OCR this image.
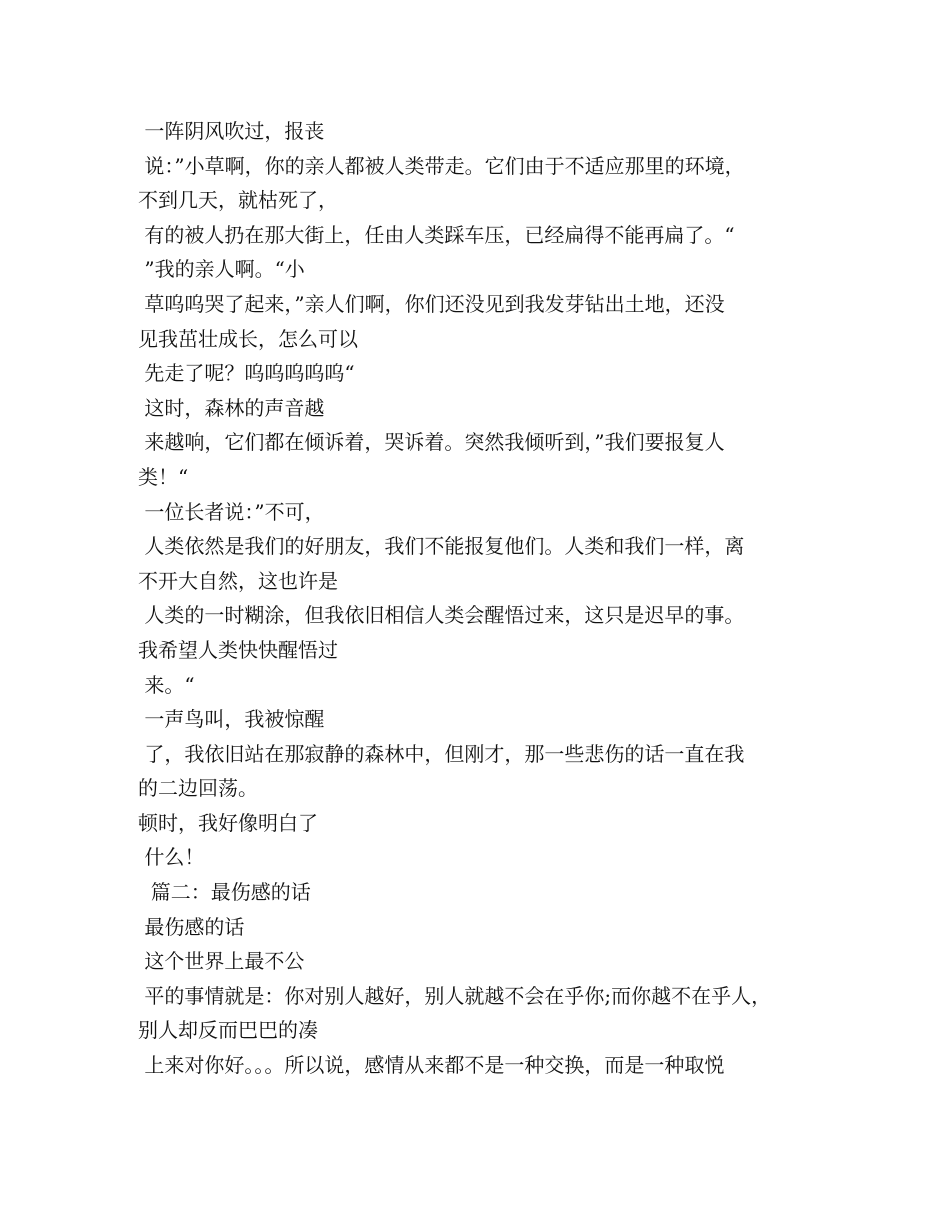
一阵阴风吹过，报丧
说：”小草啊，你的亲人都被人类带走。它们由于不适应那里的环境，
不到几天，就枯死了，
有的被人扔在那大街上，任由人类踩车压，已经扁得不能再扁了。“
”我的亲人啊。“小
草呜呜哭了起来，”亲人们啊，你们还没见到我发芽钻出土地，还没
见我茁壮成长，怎么可以
先走了呢？呜呜呜呜呜“
这时，森林的声音越
来越响，它们都在倾诉着，哭诉着。突然我倾听到，”我们要报复人
类！“
一位长者说：”不可，
人类依然是我们的好朋友，我们不能报复他们。人类和我们一样，离
不开大自然，这也许是
人类的一时糊涂，但我依旧相信人类会醒悟过来，这只是迟早的事。
我希望人类快快醒悟过
来。“
一声鸟叫，我被惊醒
了，我依旧站在那寂静的森林中，但刚才，那一些悲伤的话一直在我
的二边回荡。
顿时，我好像明白了
什么！
篇二：最伤感的话
最伤感的话
这个世界上最不公
平的事情就是：你对别人越好，别人就越不会在乎你;而你越不在乎人，
别人却反而巴巴的凑
上来对你好。。。所以说，感情从来都不是一种交换，而是一种取悦
